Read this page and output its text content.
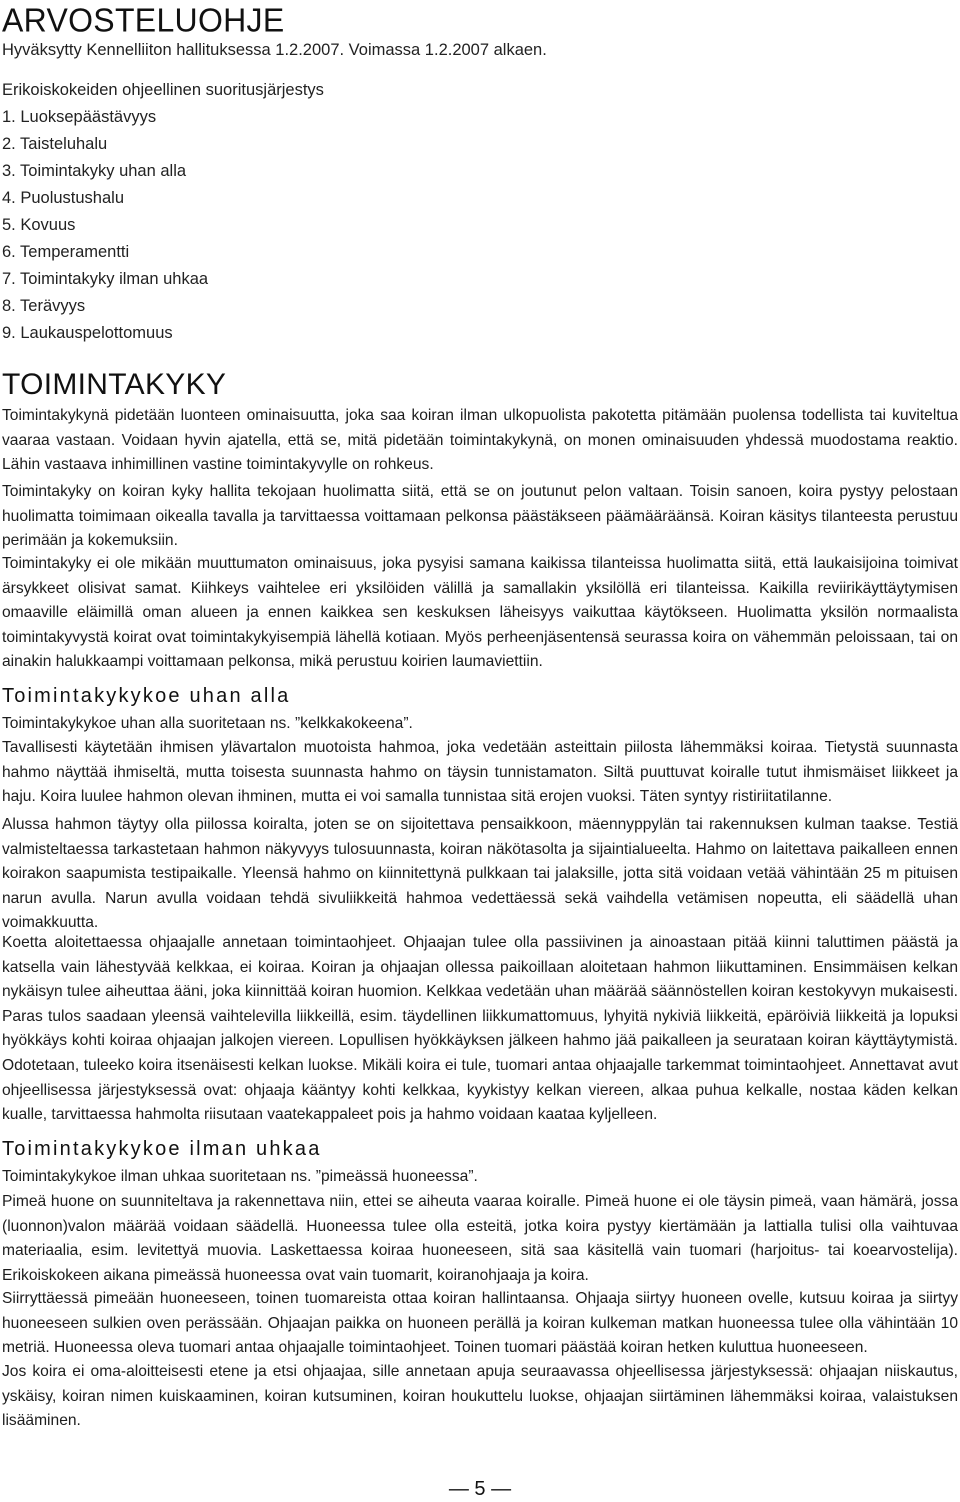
ARVOSTELUOHJE
Hyväksytty Kennelliiton hallituksessa 1.2.2007. Voimassa 1.2.2007 alkaen.
Erikoiskokeiden ohjeellinen suoritusjärjestys
1. Luoksepäästävyys
2. Taisteluhalu
3. Toimintakyky uhan alla
4. Puolustushalu
5. Kovuus
6. Temperamentti
7. Toimintakyky ilman uhkaa
8. Terävyys
9. Laukauspelottomuus
TOIMINTAKYKY

Toimintakykynä pidetään luonteen ominaisuutta, joka saa koiran ilman ulkopuolista pakotetta pitämään puolensa todellista tai kuviteltua vaaraa vastaan. Voidaan hyvin ajatella, että se, mitä pidetään toimintakykynä, on monen ominaisuuden yhdessä muodostama reaktio. Lähin vastaava inhimillinen vastine toimintakyvylle on rohkeus.

Toimintakyky on koiran kyky hallita tekojaan huolimatta siitä, että se on joutunut pelon valtaan. Toisin sanoen, koira pystyy pelostaan huolimatta toimimaan oikealla tavalla ja tarvittaessa voittamaan pelkonsa päästäkseen päämääräänsä. Koiran käsitys tilanteesta perustuu perimään ja kokemuksiin.

Toimintakyky ei ole mikään muuttumaton ominaisuus, joka pysyisi samana kaikissa tilanteissa huolimatta siitä, että laukaisijoina toimivat ärsykkeet olisivat samat. Kiihkeys vaihtelee eri yksilöiden välillä ja samallakin yksilöllä eri tilanteissa. Kaikilla reviirikäyttäytymisen omaaville eläimillä oman alueen ja ennen kaikkea sen keskuksen läheisyys vaikuttaa käytökseen. Huolimatta yksilön normaalista toimintakyvystä koirat ovat toimintakykyisempiä lähellä kotiaan. Myös perheenjäsentensä seurassa koira on vähemmän peloissaan, tai on ainakin halukkaampi voittamaan pelkonsa, mikä perustuu koirien laumaviettiin.

Toimintakykykoe uhan alla

Toimintakykykoe uhan alla suoritetaan ns. ”kelkkakokeena”.

Tavallisesti käytetään ihmisen ylävartalon muotoista hahmoa, joka vedetään asteittain piilosta lähemmäksi koiraa. Tietystä suunnasta hahmo näyttää ihmiseltä, mutta toisesta suunnasta hahmo on täysin tunnistamaton. Siltä puuttuvat koiralle tutut ihmismäiset liikkeet ja haju. Koira luulee hahmon olevan ihminen, mutta ei voi samalla tunnistaa sitä erojen vuoksi. Täten syntyy ristiriitatilanne.

Alussa hahmon täytyy olla piilossa koiralta, joten se on sijoitettava pensaikkoon, mäennyppylän tai rakennuksen kulman taakse. Testiä valmisteltaessa tarkastetaan hahmon näkyvyys tulosuunnasta, koiran näkötasolta ja sijaintialueelta. Hahmo on laitettava paikalleen ennen koirakon saapumista testipaikalle. Yleensä hahmo on kiinnitettynä pulkkaan tai jalaksille, jotta sitä voidaan vetää vähintään 25 m pituisen narun avulla. Narun avulla voidaan tehdä sivuliikkeitä hahmoa vedettäessä sekä vaihdella vetämisen nopeutta, eli säädellä uhan voimakkuutta.

Koetta aloitettaessa ohjaajalle annetaan toimintaohjeet. Ohjaajan tulee olla passiivinen ja ainoastaan pitää kiinni taluttimen päästä ja katsella vain lähestyvää kelkkaa, ei koiraa. Koiran ja ohjaajan ollessa paikoillaan aloitetaan hahmon liikuttaminen. Ensimmäisen kelkan nykäisyn tulee aiheuttaa ääni, joka kiinnittää koiran huomion. Kelkkaa vedetään uhan määrää säännöstellen koiran kestokyvyn mukaisesti. Paras tulos saadaan yleensä vaihtelevilla liikkeillä, esim. täydellinen liikkumattomuus, lyhyitä nykiviä liikkeitä, epäröiviä liikkeitä ja lopuksi hyökkäys kohti koiraa ohjaajan jalkojen viereen. Lopullisen hyökkäyksen jälkeen hahmo jää paikalleen ja seurataan koiran käyttäytymistä. Odotetaan, tuleeko koira itsenäisesti kelkan luokse. Mikäli koira ei tule, tuomari antaa ohjaajalle tarkemmat toimintaohjeet. Annettavat avut ohjeellisessa järjestyksessä ovat: ohjaaja kääntyy kohti kelkkaa, kyykistyy kelkan viereen, alkaa puhua kelkalle, nostaa käden kelkan kualle, tarvittaessa hahmolta riisutaan vaatekappaleet pois ja hahmo voidaan kaataa kyljelleen.

Toimintakykykoe ilman uhkaa

Toimintakykykoe ilman uhkaa suoritetaan ns. ”pimeässä huoneessa”.

Pimeä huone on suunniteltava ja rakennettava niin, ettei se aiheuta vaaraa koiralle. Pimeä huone ei ole täysin pimeä, vaan hämärä, jossa (luonnon)valon määrää voidaan säädellä. Huoneessa tulee olla esteitä, jotka koira pystyy kiertämään ja lattialla tulisi olla vaihtuvaa materiaalia, esim. levitettyä muovia. Laskettaessa koiraa huoneeseen, sitä saa käsitellä vain tuomari (harjoitus- tai koearvostelija). Erikoiskokeen aikana pimeässä huoneessa ovat vain tuomarit, koiranohjaaja ja koira.

Siirryttäessä pimeään huoneeseen, toinen tuomareista ottaa koiran hallintaansa. Ohjaaja siirtyy huoneen ovelle, kutsuu koiraa ja siirtyy huoneeseen sulkien oven perässään. Ohjaajan paikka on huoneen perällä ja koiran kulkeman matkan huoneessa tulee olla vähintään 10 metriä. Huoneessa oleva tuomari antaa ohjaajalle toimintaohjeet. Toinen tuomari päästää koiran hetken kuluttua huoneeseen.

Jos koira ei oma-aloitteisesti etene ja etsi ohjaajaa, sille annetaan apuja seuraavassa ohjeellisessa järjestyksessä: ohjaajan niiskautus, yskäisy, koiran nimen kuiskaaminen, koiran kutsuminen, koiran houkuttelu luokse, ohjaajan siirtäminen lähemmäksi koiraa, valaistuksen lisääminen.

— 5 —
